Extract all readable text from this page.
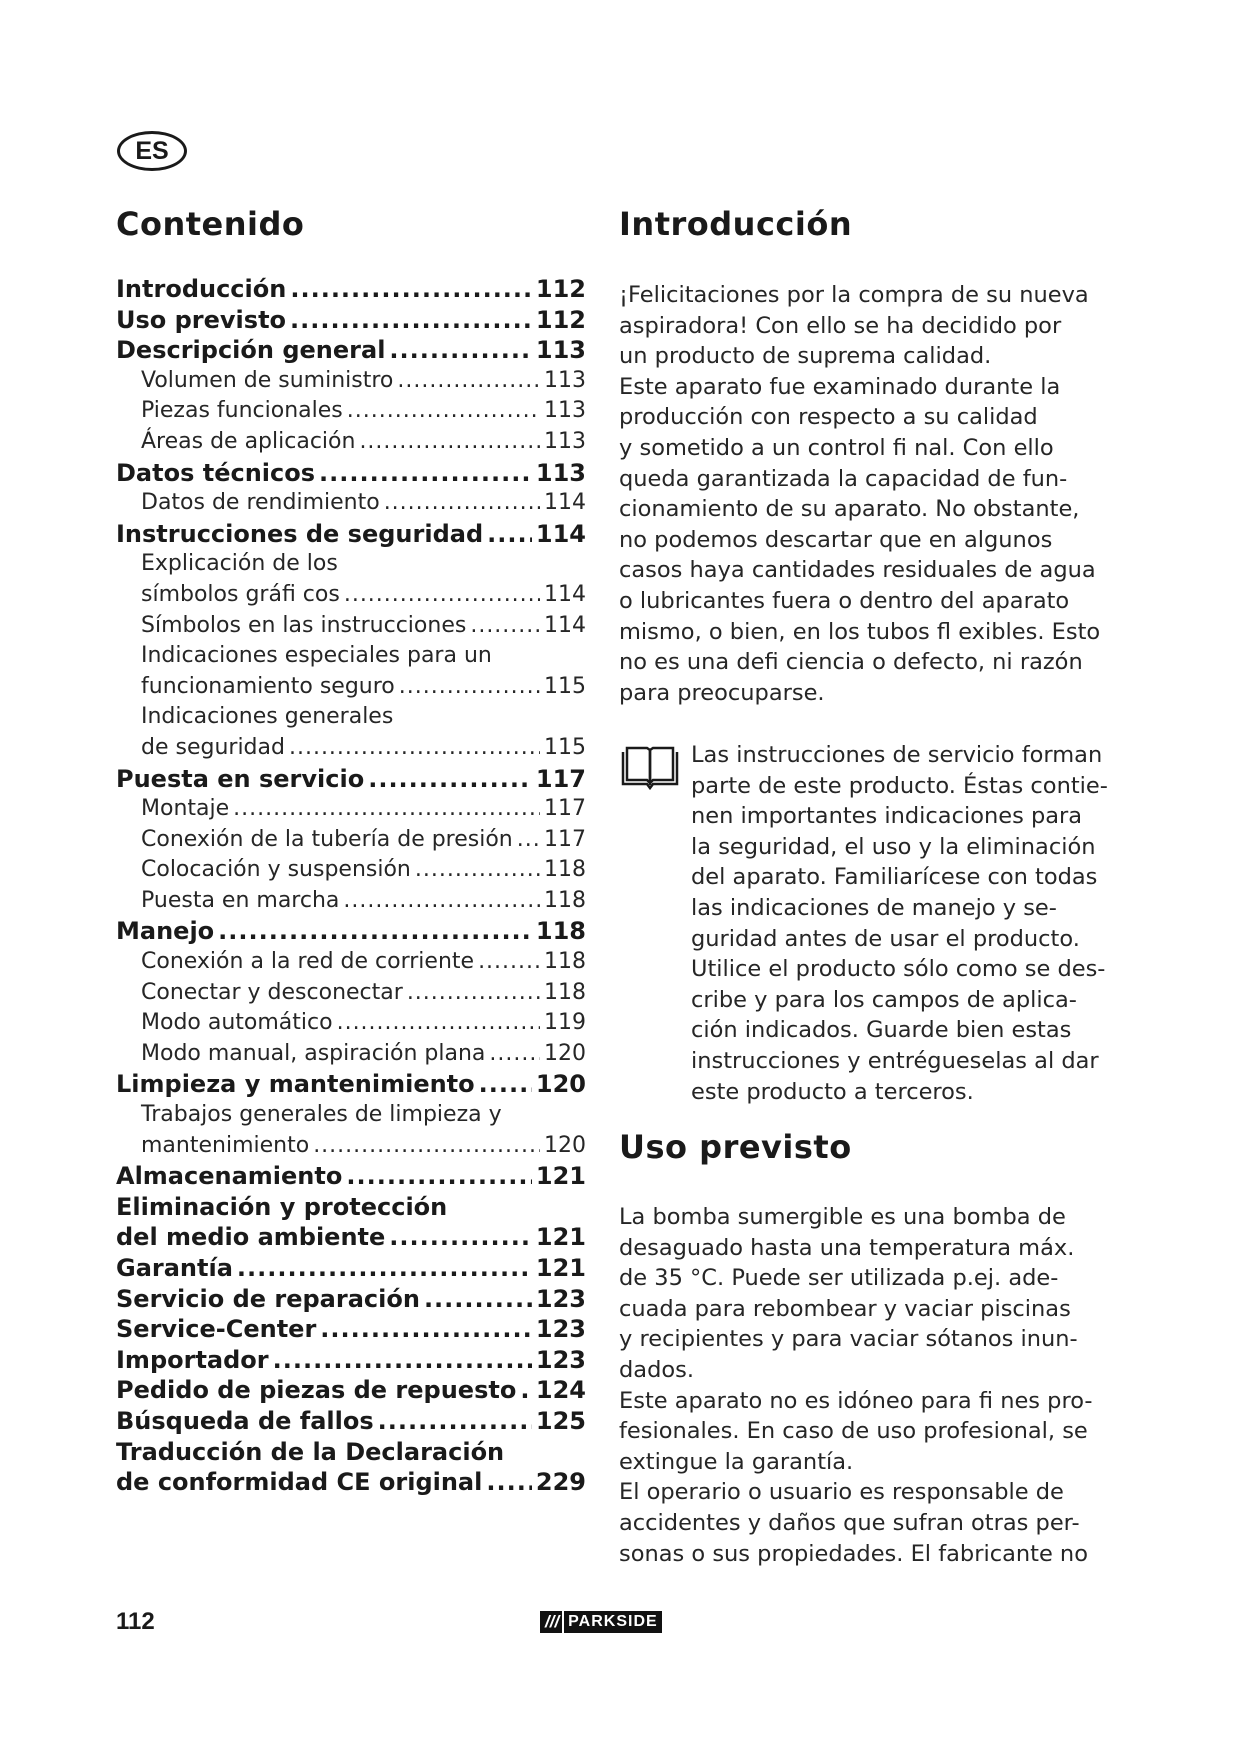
ES
Contenido
Introducción .....	112
Uso previsto .....	112
Descripción general .....	113
Volumen de suministro .....	113
Piezas funcionales .....	113
Áreas de aplicación .....	113
Datos técnicos .....	113
Datos de rendimiento .....	114
Instrucciones de seguridad ..... 114
Explicación de los
símbolos gráfi cos .....	114
Símbolos en las instrucciones .....	114
Indicaciones especiales para un
funcionamiento seguro .....	115
Indicaciones generales
de seguridad .....	115
Puesta en servicio .....	117
Montaje .....	117
Conexión de la tubería de presión ..... 117
Colocación y suspensión .....	118
Puesta en marcha .....	118
Manejo .....	118
Conexión a la red de corriente .....	118
Conectar y desconectar .....	118
Modo automático .....	119
Modo manual, aspiración plana .....	120
Limpieza y mantenimiento .....	120
Trabajos generales de limpieza y
mantenimiento .....	120
Almacenamiento .....	121
Eliminación y protección
del medio ambiente .....	121
Garantía .....	121
Servicio de reparación .....	123
Service-Center .....	123
Importador .....	123
Pedido de piezas de repuesto ..... 124
Búsqueda de fallos .....	125
Traducción de la Declaración
de conformidad CE original ..... 229
Introducción
¡Felicitaciones por la compra de su nueva
aspiradora! Con ello se ha decidido por
un producto de suprema calidad.
Este aparato fue examinado durante la
producción con respecto a su calidad
y sometido a un control fi nal. Con ello
queda garantizada la capacidad de fun-
cionamiento de su aparato. No obstante,
no podemos descartar que en algunos
casos haya cantidades residuales de agua
o lubricantes fuera o dentro del aparato
mismo, o bien, en los tubos fl exibles. Esto
no es una defi ciencia o defecto, ni razón
para preocuparse.
Las instrucciones de servicio forman
parte de este producto. Éstas contie-
nen importantes indicaciones para
la seguridad, el uso y la eliminación
del aparato. Familiarícese con todas
las indicaciones de manejo y se-
guridad antes de usar el producto.
Utilice el producto sólo como se des-
cribe y para los campos de aplica-
ción indicados. Guarde bien estas
instrucciones y entrégueselas al dar
este producto a terceros.
Uso previsto
La bomba sumergible es una bomba de
desaguado hasta una temperatura máx.
de 35 °C. Puede ser utilizada p.ej. ade-
cuada para rebombear y vaciar piscinas
y recipientes y para vaciar sótanos inun-
dados.
Este aparato no es idóneo para fi nes pro-
fesionales. En caso de uso profesional, se
extingue la garantía.
El operario o usuario es responsable de
accidentes y daños que sufran otras per-
sonas o sus propiedades. El fabricante no
112	/// PARKSIDE
